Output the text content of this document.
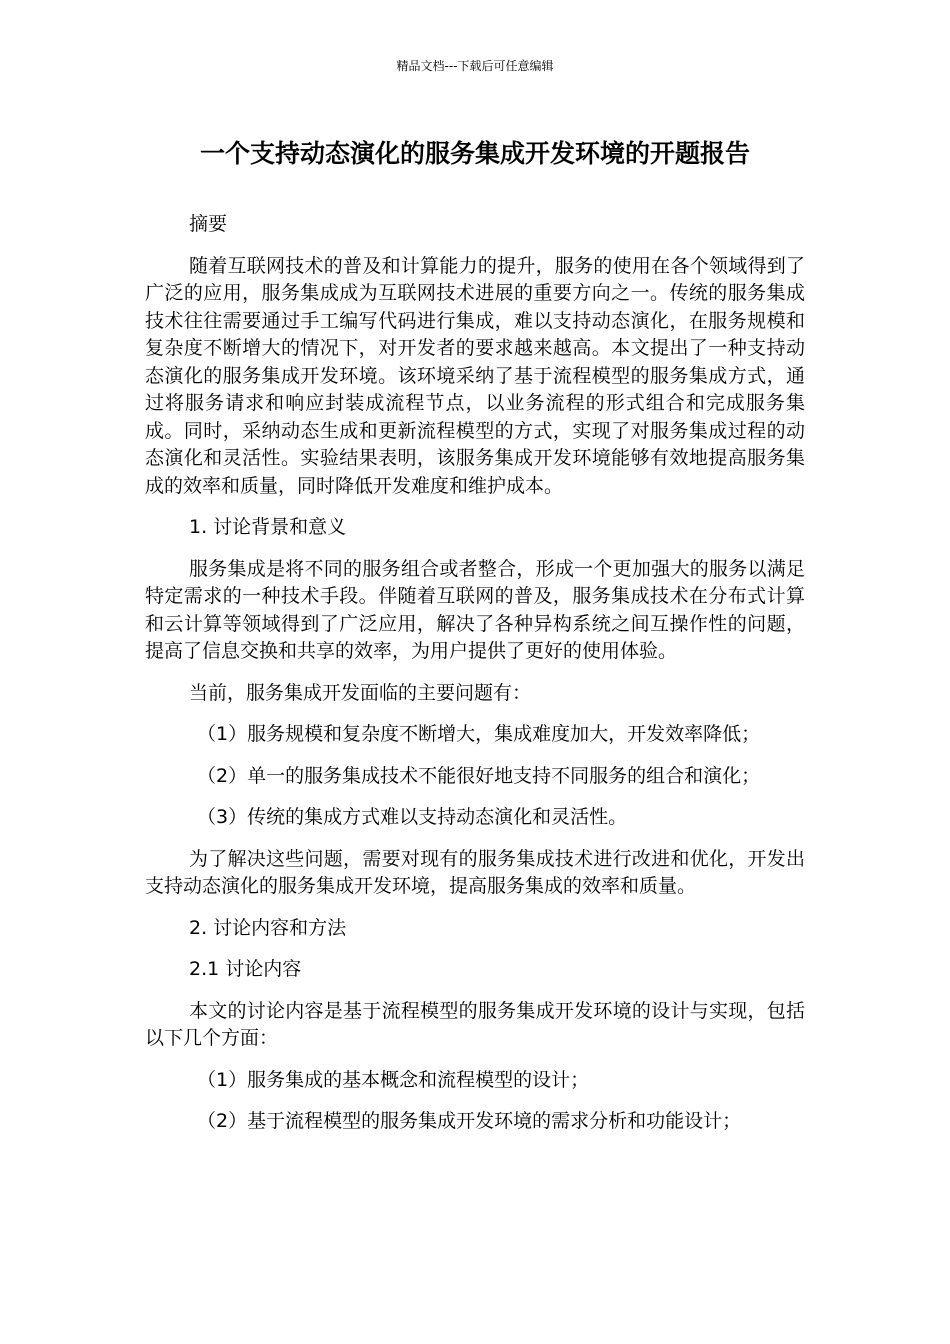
精品文档---下载后可任意编辑
一个支持动态演化的服务集成开发环境的开题报告

摘要

随着互联网技术的普及和计算能力的提升，服务的使用在各个领域得到了广泛的应用，服务集成成为互联网技术进展的重要方向之一。传统的服务集成技术往往需要通过手工编写代码进行集成，难以支持动态演化，在服务规模和复杂度不断增大的情况下，对开发者的要求越来越高。本文提出了一种支持动态演化的服务集成开发环境。该环境采纳了基于流程模型的服务集成方式，通过将服务请求和响应封装成流程节点，以业务流程的形式组合和完成服务集成。同时，采纳动态生成和更新流程模型的方式，实现了对服务集成过程的动态演化和灵活性。实验结果表明，该服务集成开发环境能够有效地提高服务集成的效率和质量，同时降低开发难度和维护成本。

1. 讨论背景和意义

服务集成是将不同的服务组合或者整合，形成一个更加强大的服务以满足特定需求的一种技术手段。伴随着互联网的普及，服务集成技术在分布式计算和云计算等领域得到了广泛应用，解决了各种异构系统之间互操作性的问题，提高了信息交换和共享的效率，为用户提供了更好的使用体验。

当前，服务集成开发面临的主要问题有：

（1）服务规模和复杂度不断增大，集成难度加大，开发效率降低；

（2）单一的服务集成技术不能很好地支持不同服务的组合和演化；

（3）传统的集成方式难以支持动态演化和灵活性。

为了解决这些问题，需要对现有的服务集成技术进行改进和优化，开发出支持动态演化的服务集成开发环境，提高服务集成的效率和质量。

2. 讨论内容和方法

2.1 讨论内容

本文的讨论内容是基于流程模型的服务集成开发环境的设计与实现，包括以下几个方面：

（1）服务集成的基本概念和流程模型的设计；

（2）基于流程模型的服务集成开发环境的需求分析和功能设计；
